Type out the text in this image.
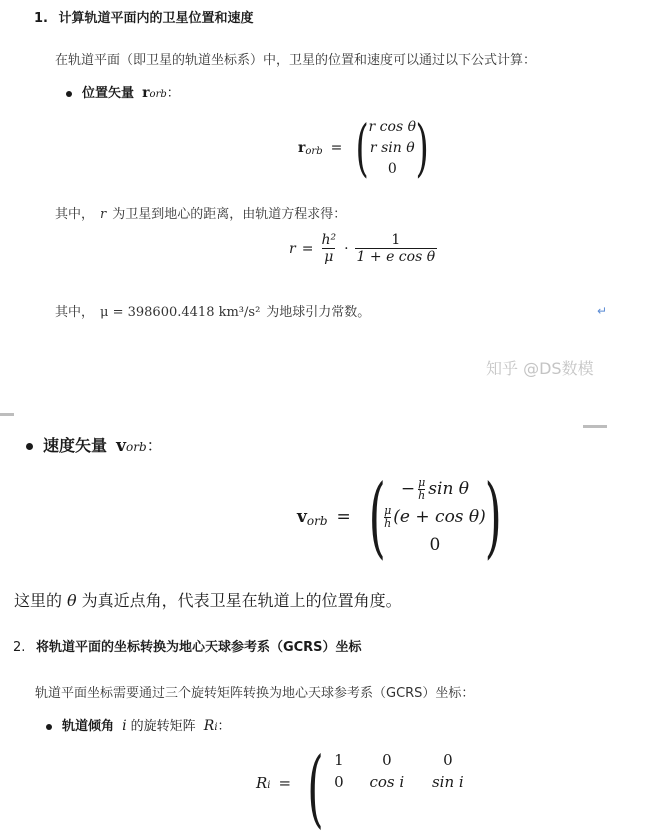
1. 计算轨道平面内的卫星位置和速度
在轨道平面（即卫星的轨道坐标系）中，卫星的位置和速度可以通过以下公式计算：
位置矢量 rorb：
r orb = ( r cos θ
r sin θ
0 )
其中， r 为卫星到地心的距离，由轨道方程求得：
$r = \frac{\text{h²}}{\mu} \cdot \frac{1}{\text{1 + e cos θ}}$
其中， μ = 398600.4418 km³/s² 为地球引力常数。	↵
知乎 @DS数模
速度矢量 vorb：
v orb = ( − $\frac{\mu}{h}$ sin θ
$\frac{\mu}{h} (e + \cos \theta)$
0 )
这里的 θ 为真近点角，代表卫星在轨道上的位置角度。
2. 将轨道平面的坐标转换为地心天球参考系（GCRS）坐标
轨道平面坐标需要通过三个旋转矩阵转换为地心天球参考系（GCRS）坐标：
轨道倾角 i 的旋转矩阵 Ri：
Ri = ( 1	0	0
0	cos i	sin i
